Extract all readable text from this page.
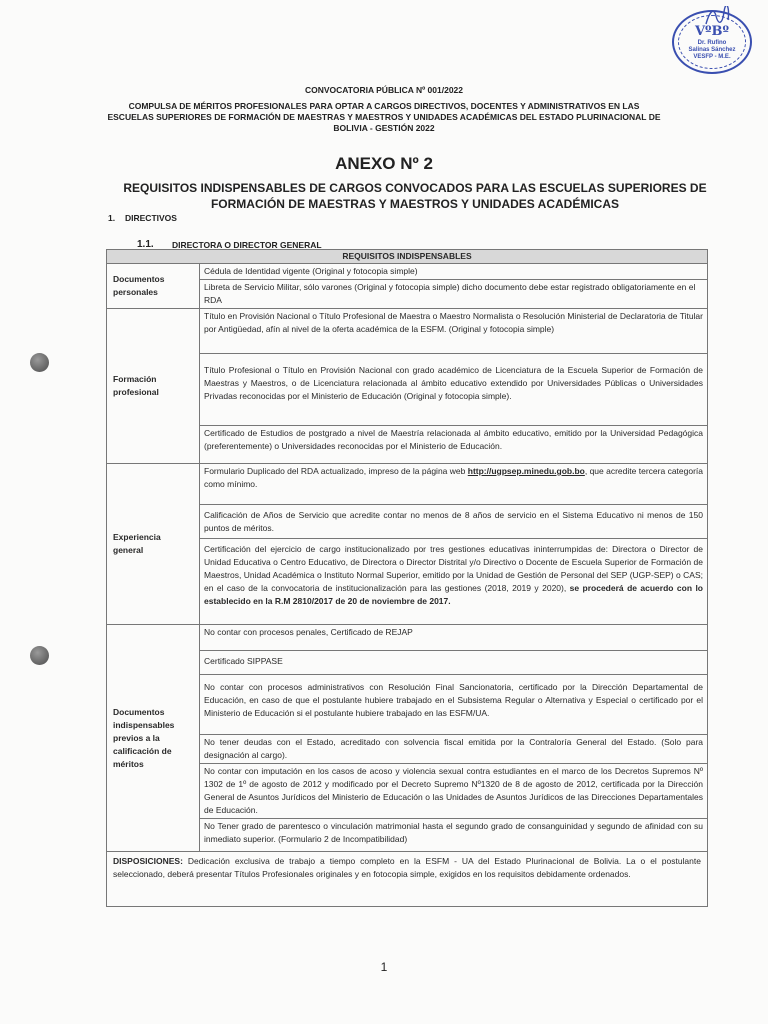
VºBº
Dr. Rufino
Salinas Sánchez
VESFP - M.E.
CONVOCATORIA PÚBLICA Nº 001/2022
COMPULSA DE MÉRITOS PROFESIONALES PARA OPTAR A CARGOS DIRECTIVOS, DOCENTES Y ADMINISTRATIVOS EN LAS
ESCUELAS SUPERIORES DE FORMACIÓN DE MAESTRAS Y MAESTROS Y UNIDADES ACADÉMICAS DEL ESTADO PLURINACIONAL DE
BOLIVIA - GESTIÓN 2022
ANEXO Nº 2
REQUISITOS INDISPENSABLES DE CARGOS CONVOCADOS PARA LAS ESCUELAS SUPERIORES DE
FORMACIÓN DE MAESTRAS Y MAESTROS Y UNIDADES ACADÉMICAS
1. DIRECTIVOS
1.1. DIRECTORA O DIRECTOR GENERAL
REQUISITOS INDISPENSABLES	
Documentos personales	Cédula de Identidad vigente (Original y fotocopia simple)
	Libreta de Servicio Militar, sólo varones (Original y fotocopia simple) dicho documento debe estar registrado obligatoriamente en el RDA
Formación profesional	Título en Provisión Nacional o Título Profesional de Maestra o Maestro Normalista o Resolución Ministerial de Declaratoria de Titular por Antigüedad, afín al nivel de la oferta académica de la ESFM. (Original y fotocopia simple)
	Título Profesional o Título en Provisión Nacional con grado académico de Licenciatura de la Escuela Superior de Formación de Maestras y Maestros, o de Licenciatura relacionada al ámbito educativo extendido por Universidades Públicas o Universidades Privadas reconocidas por el Ministerio de Educación (Original y fotocopia simple).
	Certificado de Estudios de postgrado a nivel de Maestría relacionada al ámbito educativo, emitido por la Universidad Pedagógica (preferentemente) o Universidades reconocidas por el Ministerio de Educación.
Experiencia general	Formulario Duplicado del RDA actualizado, impreso de la página web http://ugpsep.minedu.gob.bo, que acredite tercera categoría como mínimo.
	Calificación de Años de Servicio que acredite contar no menos de 8 años de servicio en el Sistema Educativo ni menos de 150 puntos de méritos.
	Certificación del ejercicio de cargo institucionalizado por tres gestiones educativas ininterrumpidas de: Directora o Director de Unidad Educativa o Centro Educativo, de Directora o Director Distrital y/o Directivo o Docente de Escuela Superior de Formación de Maestros, Unidad Académica o Instituto Normal Superior, emitido por la Unidad de Gestión de Personal del SEP (UGP-SEP) o CAS; en el caso de la convocatoria de institucionalización para las gestiones (2018, 2019 y 2020), se procederá de acuerdo con lo establecido en la R.M 2810/2017 de 20 de noviembre de 2017.
Documentos indispensables previos a la calificación de méritos	No contar con procesos penales, Certificado de REJAP
	Certificado SIPPASE
	No contar con procesos administrativos con Resolución Final Sancionatoria, certificado por la Dirección Departamental de Educación, en caso de que el postulante hubiere trabajado en el Subsistema Regular o Alternativa y Especial o certificado por el Ministerio de Educación si el postulante hubiere trabajado en las ESFM/UA.
	No tener deudas con el Estado, acreditado con solvencia fiscal emitida por la Contraloría General del Estado. (Solo para designación al cargo).
	No contar con imputación en los casos de acoso y violencia sexual contra estudiantes en el marco de los Decretos Supremos Nº 1302 de 1º de agosto de 2012 y modificado por el Decreto Supremo Nº1320 de 8 de agosto de 2012, certificada por la Dirección General de Asuntos Jurídicos del Ministerio de Educación o las Unidades de Asuntos Jurídicos de las Direcciones Departamentales de Educación.
	No Tener grado de parentesco o vinculación matrimonial hasta el segundo grado de consanguinidad y segundo de afinidad con su inmediato superior. (Formulario 2 de Incompatibilidad)
DISPOSICIONES: Dedicación exclusiva de trabajo a tiempo completo en la ESFM - UA del Estado Plurinacional de Bolivia. La o el postulante seleccionado, deberá presentar Títulos Profesionales originales y en fotocopia simple, exigidos en los requisitos debidamente ordenados.	
1
